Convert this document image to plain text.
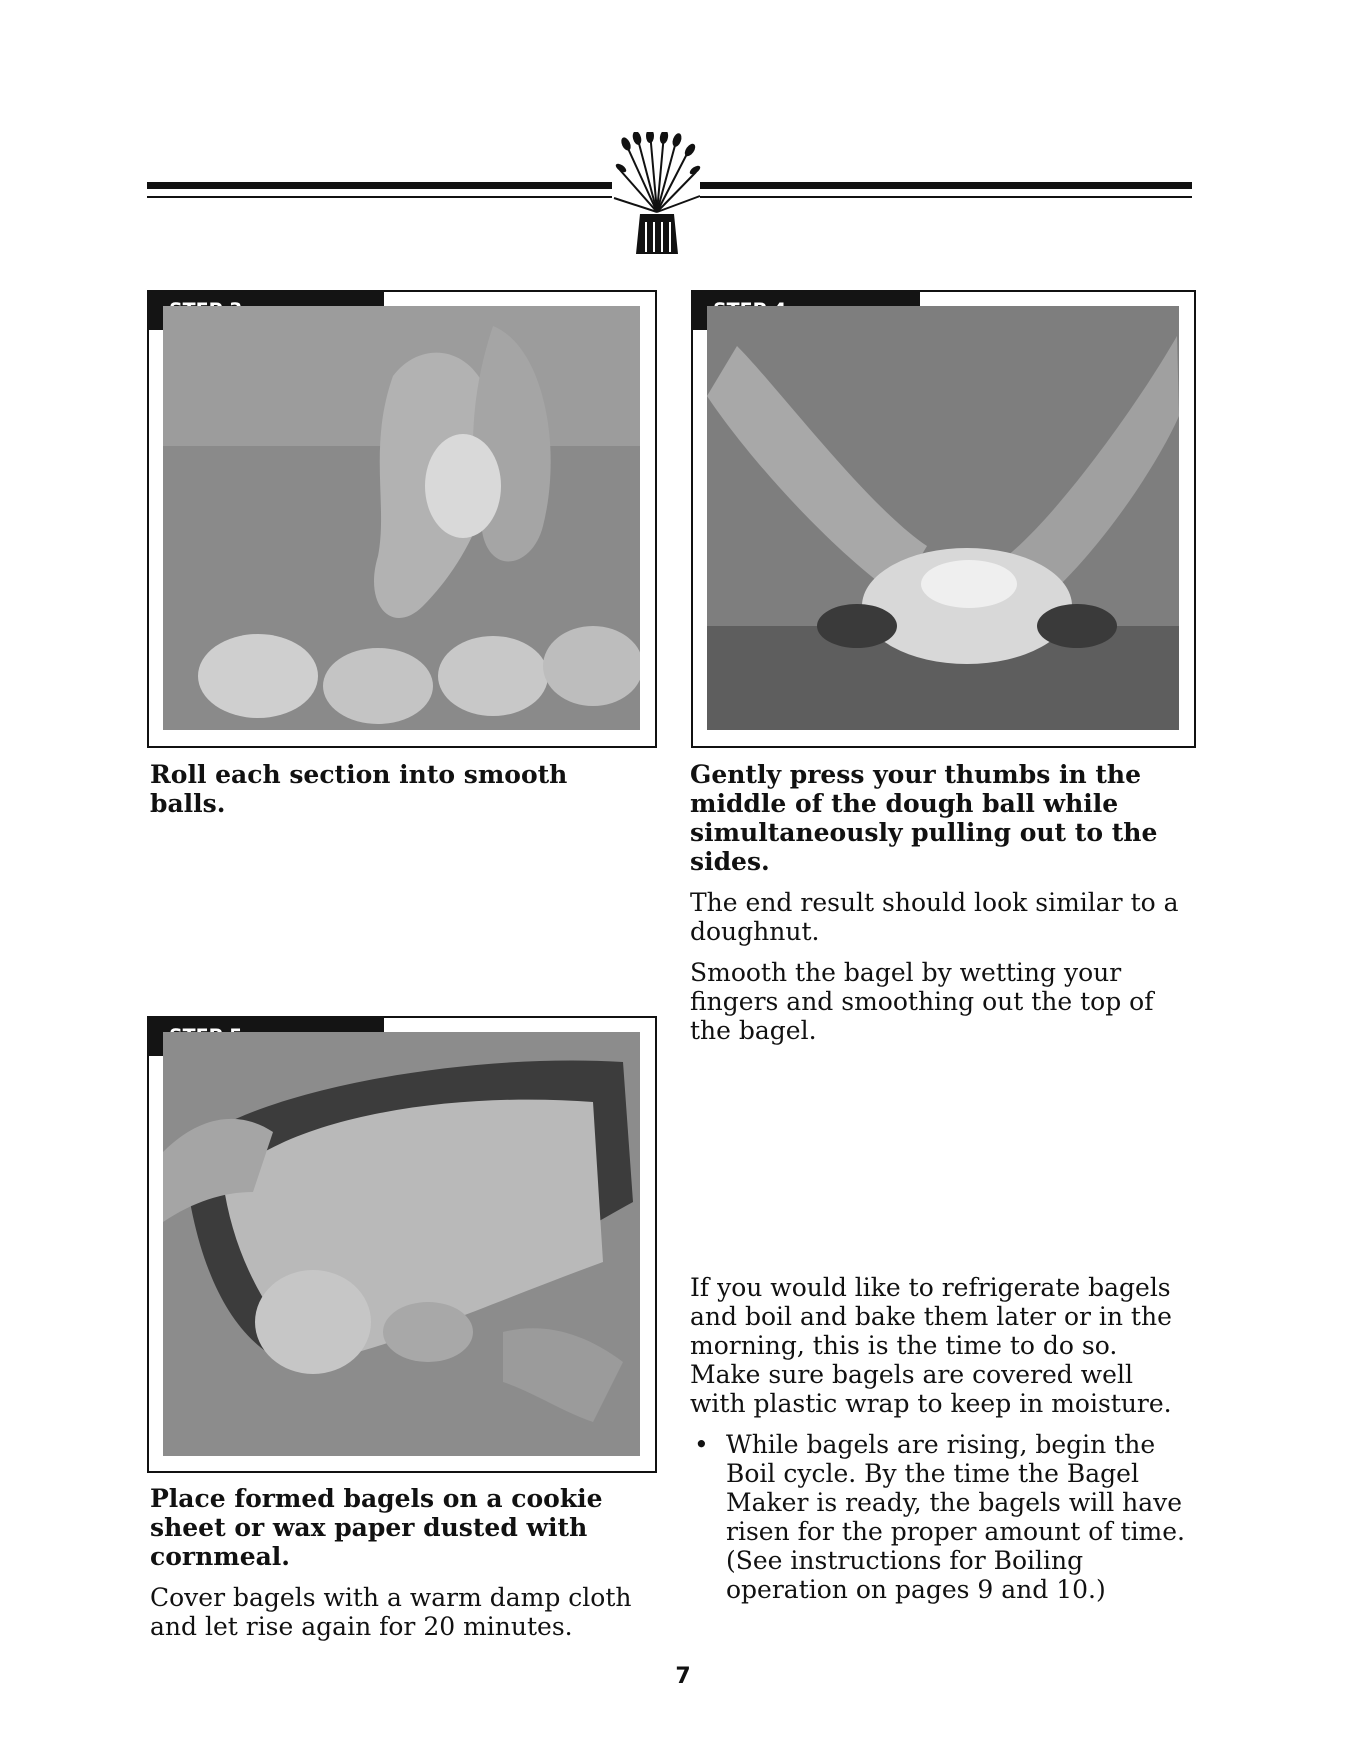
Roll each section into smooth balls.

Gently press your thumbs in the middle of the dough ball while simultaneously pulling out to the sides.

The end result should look similar to a doughnut.

Smooth the bagel by wetting your fingers and smoothing out the top of the bagel.

Place formed bagels on a cookie sheet or wax paper dusted with cornmeal.

Cover bagels with a warm damp cloth and let rise again for 20 minutes.

If you would like to refrigerate bagels and boil and bake them later or in the morning, this is the time to do so. Make sure bagels are covered well with plastic wrap to keep in moisture.

• While bagels are rising, begin the Boil cycle. By the time the Bagel Maker is ready, the bagels will have risen for the proper amount of time.
(See instructions for Boiling operation on pages 9 and 10.)
7
